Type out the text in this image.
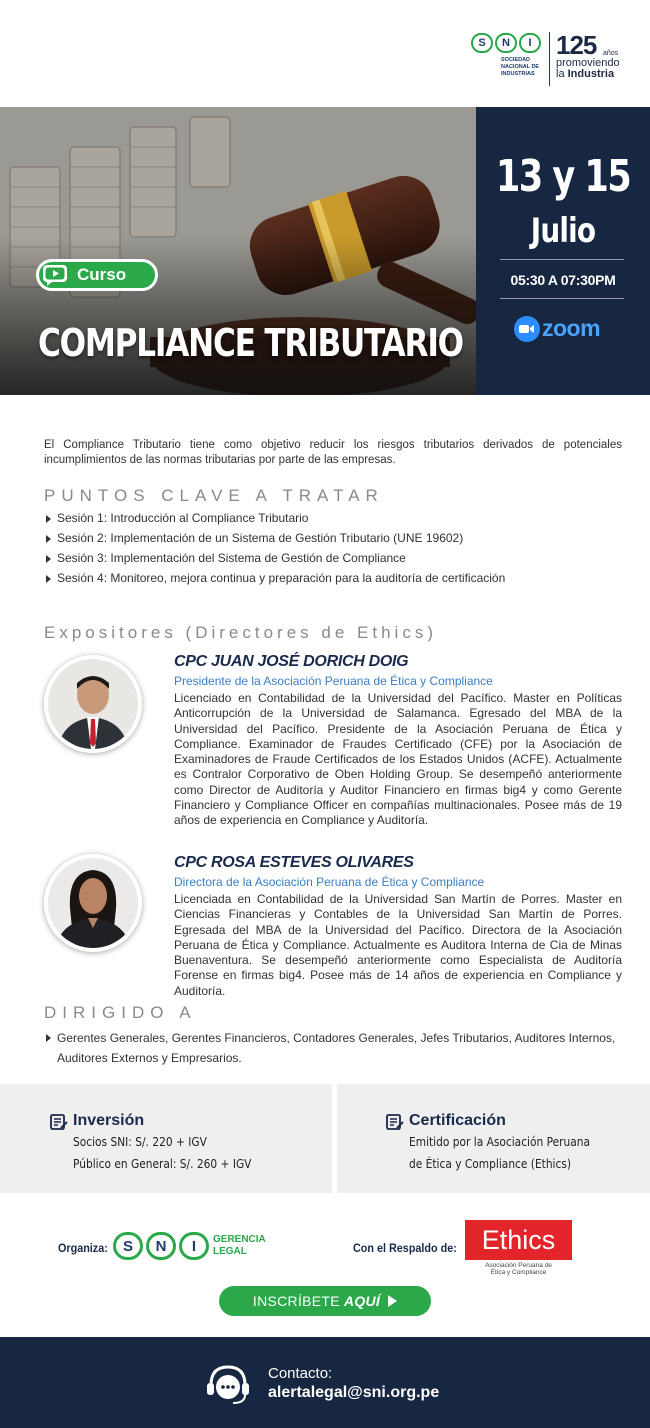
S	N	I
SOCIEDAD
NACIONAL DE
INDUSTRIAS
125 años
promoviendo
la Industria
Curso
COMPLIANCE TRIBUTARIO
13 y 15
Julio
05:30 A 07:30PM
zoom

El Compliance Tributario tiene como objetivo reducir los riesgos tributarios derivados de potenciales incumplimientos de las normas tributarias por parte de las empresas.

PUNTOS CLAVE A TRATAR
Sesión 1: Introducción al Compliance Tributario
Sesión 2: Implementación de un Sistema de Gestión Tributario (UNE 19602)
Sesión 3: Implementación del Sistema de Gestión de Compliance
Sesión 4: Monitoreo, mejora continua y preparación para la auditoría de certificación
Expositores (Directores de Ethics)
CPC JUAN JOSÉ DORICH DOIG
Presidente de la Asociación Peruana de Ética y Compliance

Licenciado en Contabilidad de la Universidad del Pacífico. Master en Políticas Anticorrupción de la Universidad de Salamanca. Egresado del MBA de la Universidad del Pacífico. Presidente de la Asociación Peruana de Ética y Compliance. Examinador de Fraudes Certificado (CFE) por la Asociación de Examinadores de Fraude Certificados de los Estados Unidos (ACFE). Actualmente es Contralor Corporativo de Oben Holding Group. Se desempeñó anteriormente como Director de Auditoría y Auditor Financiero en firmas big4 y como Gerente Financiero y Compliance Officer en compañías multinacionales. Posee más de 19 años de experiencia en Compliance y Auditoría.

CPC ROSA ESTEVES OLIVARES
Directora de la Asociación Peruana de Ética y Compliance

Licenciada en Contabilidad de la Universidad San Martín de Porres. Master en Ciencias Financieras y Contables de la Universidad San Martín de Porres. Egresada del MBA de la Universidad del Pacífico. Directora de la Asociación Peruana de Ética y Compliance. Actualmente es Auditora Interna de Cia de Minas Buenaventura. Se desempeñó anteriormente como Especialista de Auditoría Forense en firmas big4. Posee más de 14 años de experiencia en Compliance y Auditoría.

DIRIGIDO A
Gerentes Generales, Gerentes Financieros, Contadores Generales, Jefes Tributarios, Auditores Internos, Auditores Externos y Empresarios.
Inversión
Socios SNI: S/. 220 + IGV
Público en General: S/. 260 + IGV
Certificación
Emitido por la Asociación Peruana
de Ética y Compliance (Ethics)
Organiza:	S	N	I	GERENCIA
LEGAL	Con el Respaldo de: Ethics
Asociación Peruana de
Ética y Compliance
INSCRÍBETE AQUÍ
Contacto:
alertalegal@sni.org.pe
